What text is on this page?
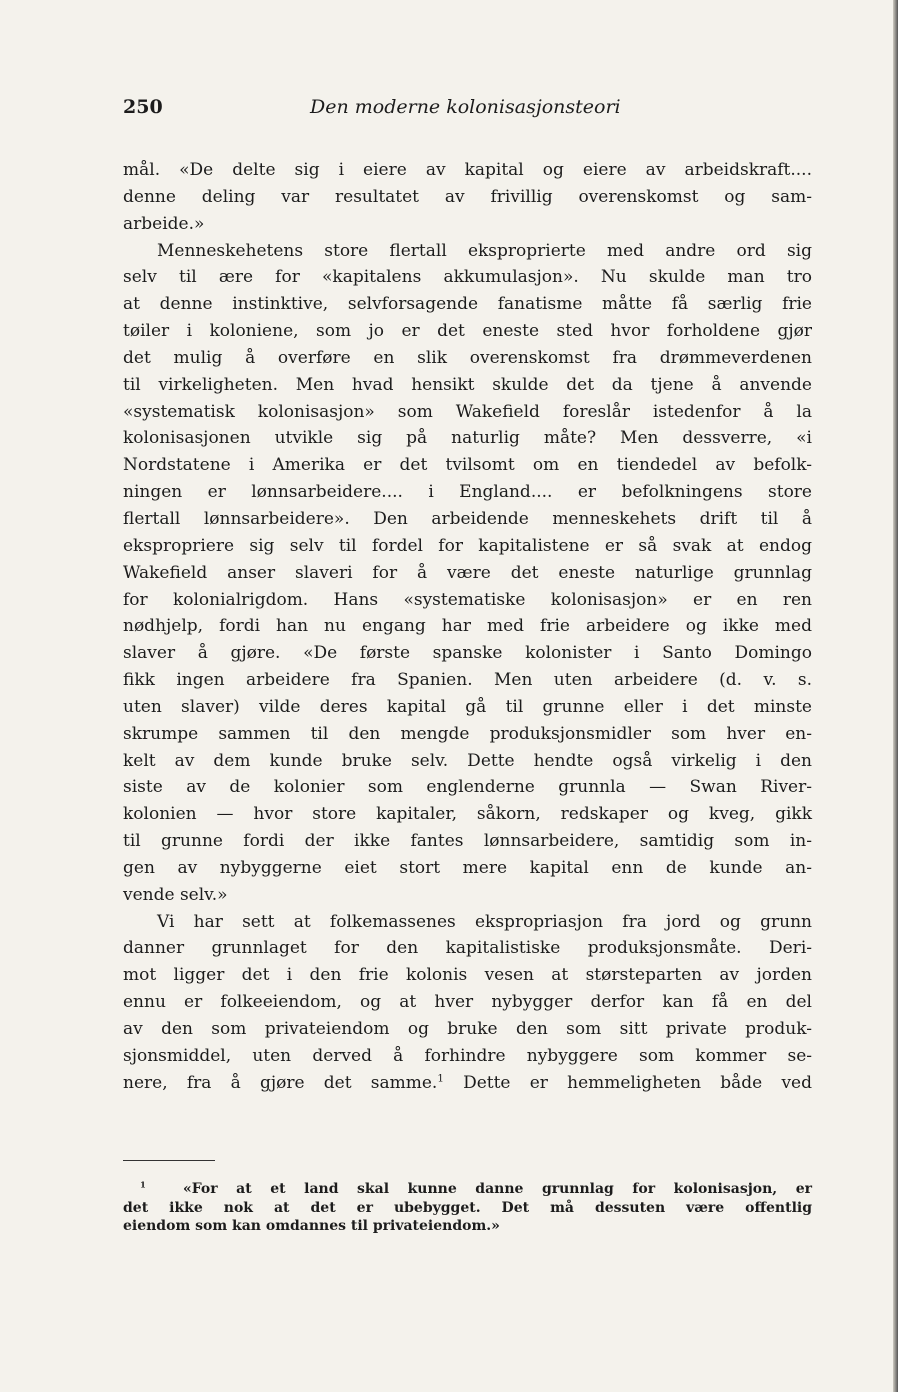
250	Den moderne kolonisasjonsteori
mål. «De delte sig i eiere av kapital og eiere av arbeidskraft....
denne deling var resultatet av frivillig overenskomst og sam-
arbeide.»
Menneskehetens store flertall eksproprierte med andre ord sig
selv til ære for «kapitalens akkumulasjon». Nu skulde man tro
at denne instinktive, selvforsagende fanatisme måtte få særlig frie
tøiler i koloniene, som jo er det eneste sted hvor forholdene gjør
det mulig å overføre en slik overenskomst fra drømmeverdenen
til virkeligheten. Men hvad hensikt skulde det da tjene å anvende
«systematisk kolonisasjon» som Wakefield foreslår istedenfor å la
kolonisasjonen utvikle sig på naturlig måte? Men dessverre, «i
Nordstatene i Amerika er det tvilsomt om en tiendedel av befolk-
ningen er lønnsarbeidere.... i England.... er befolkningens store
flertall lønnsarbeidere». Den arbeidende menneskehets drift til å
ekspropriere sig selv til fordel for kapitalistene er så svak at endog
Wakefield anser slaveri for å være det eneste naturlige grunnlag
for kolonialrigdom. Hans «systematiske kolonisasjon» er en ren
nødhjelp, fordi han nu engang har med frie arbeidere og ikke med
slaver å gjøre. «De første spanske kolonister i Santo Domingo
fikk ingen arbeidere fra Spanien. Men uten arbeidere (d. v. s.
uten slaver) vilde deres kapital gå til grunne eller i det minste
skrumpe sammen til den mengde produksjonsmidler som hver en-
kelt av dem kunde bruke selv. Dette hendte også virkelig i den
siste av de kolonier som englenderne grunnla — Swan River-
kolonien — hvor store kapitaler, såkorn, redskaper og kveg, gikk
til grunne fordi der ikke fantes lønnsarbeidere, samtidig som in-
gen av nybyggerne eiet stort mere kapital enn de kunde an-
vende selv.»
Vi har sett at folkemassenes ekspropriasjon fra jord og grunn
danner grunnlaget for den kapitalistiske produksjonsmåte. Deri-
mot ligger det i den frie kolonis vesen at størsteparten av jorden
ennu er folkeeiendom, og at hver nybygger derfor kan få en del
av den som privateiendom og bruke den som sitt private produk-
sjonsmiddel, uten derved å forhindre nybyggere som kommer se-
nere, fra å gjøre det samme.$^1$ Dette er hemmeligheten både ved
$^1$	«For at et land skal kunne danne grunnlag for kolonisasjon, er
det ikke nok at det er ubebygget. Det må dessuten være offentlig
eiendom som kan omdannes til privateiendom.»
